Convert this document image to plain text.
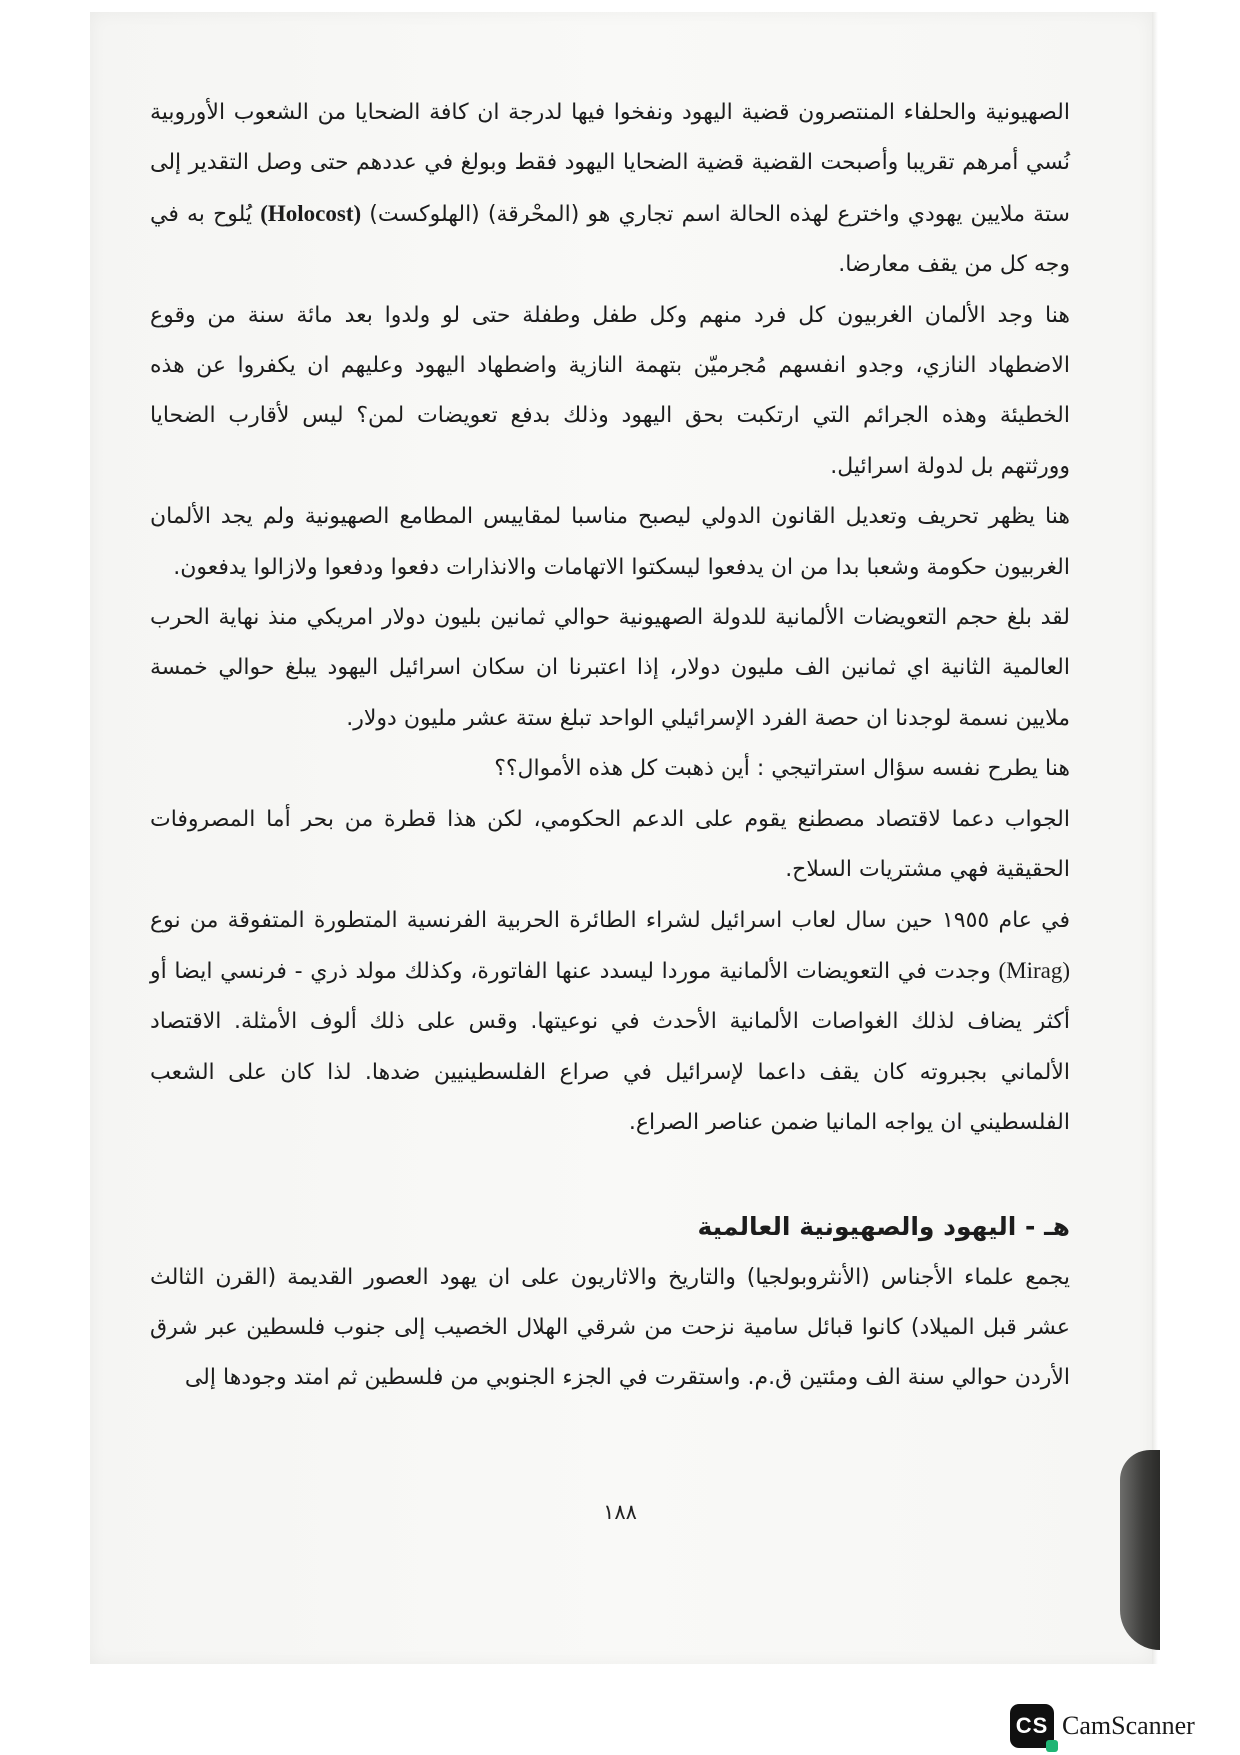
الصهيونية والحلفاء المنتصرون قضية اليهود ونفخوا فيها لدرجة ان كافة الضحايا من الشعوب الأوروبية نُسي أمرهم تقريبا وأصبحت القضية قضية الضحايا اليهود فقط وبولغ في عددهم حتى وصل التقدير إلى ستة ملايين يهودي واخترع لهذه الحالة اسم تجاري هو (المحْرقة) (الهلوكست) (Holocost) يُلوح به في وجه كل من يقف معارضا.

هنا وجد الألمان الغربيون كل فرد منهم وكل طفل وطفلة حتى لو ولدوا بعد مائة سنة من وقوع الاضطهاد النازي، وجدو انفسهم مُجرميّن بتهمة النازية واضطهاد اليهود وعليهم ان يكفروا عن هذه الخطيئة وهذه الجرائم التي ارتكبت بحق اليهود وذلك بدفع تعويضات لمن؟ ليس لأقارب الضحايا وورثتهم بل لدولة اسرائيل.

هنا يظهر تحريف وتعديل القانون الدولي ليصبح مناسبا لمقاييس المطامع الصهيونية ولم يجد الألمان الغربيون حكومة وشعبا بدا من ان يدفعوا ليسكتوا الاتهامات والانذارات دفعوا ودفعوا ولازالوا يدفعون.

لقد بلغ حجم التعويضات الألمانية للدولة الصهيونية حوالي ثمانين بليون دولار امريكي منذ نهاية الحرب العالمية الثانية اي ثمانين الف مليون دولار، إذا اعتبرنا ان سكان اسرائيل اليهود يبلغ حوالي خمسة ملايين نسمة لوجدنا ان حصة الفرد الإسرائيلي الواحد تبلغ ستة عشر مليون دولار.

هنا يطرح نفسه سؤال استراتيجي : أين ذهبت كل هذه الأموال؟؟

الجواب دعما لاقتصاد مصطنع يقوم على الدعم الحكومي، لكن هذا قطرة من بحر أما المصروفات الحقيقية فهي مشتريات السلاح.

في عام ١٩٥٥ حين سال لعاب اسرائيل لشراء الطائرة الحربية الفرنسية المتطورة المتفوقة من نوع (Mirag) وجدت في التعويضات الألمانية موردا ليسدد عنها الفاتورة، وكذلك مولد ذري - فرنسي ايضا أو أكثر يضاف لذلك الغواصات الألمانية الأحدث في نوعيتها. وقس على ذلك ألوف الأمثلة. الاقتصاد الألماني بجبروته كان يقف داعما لإسرائيل في صراع الفلسطينيين ضدها. لذا كان على الشعب الفلسطيني ان يواجه المانيا ضمن عناصر الصراع.

هـ - اليهود والصهيونية العالمية

يجمع علماء الأجناس (الأنثروبولجيا) والتاريخ والاثاريون على ان يهود العصور القديمة (القرن الثالث عشر قبل الميلاد) كانوا قبائل سامية نزحت من شرقي الهلال الخصيب إلى جنوب فلسطين عبر شرق الأردن حوالي سنة الف ومئتين ق.م. واستقرت في الجزء الجنوبي من فلسطين ثم امتد وجودها إلى

١٨٨
CS CamScanner
